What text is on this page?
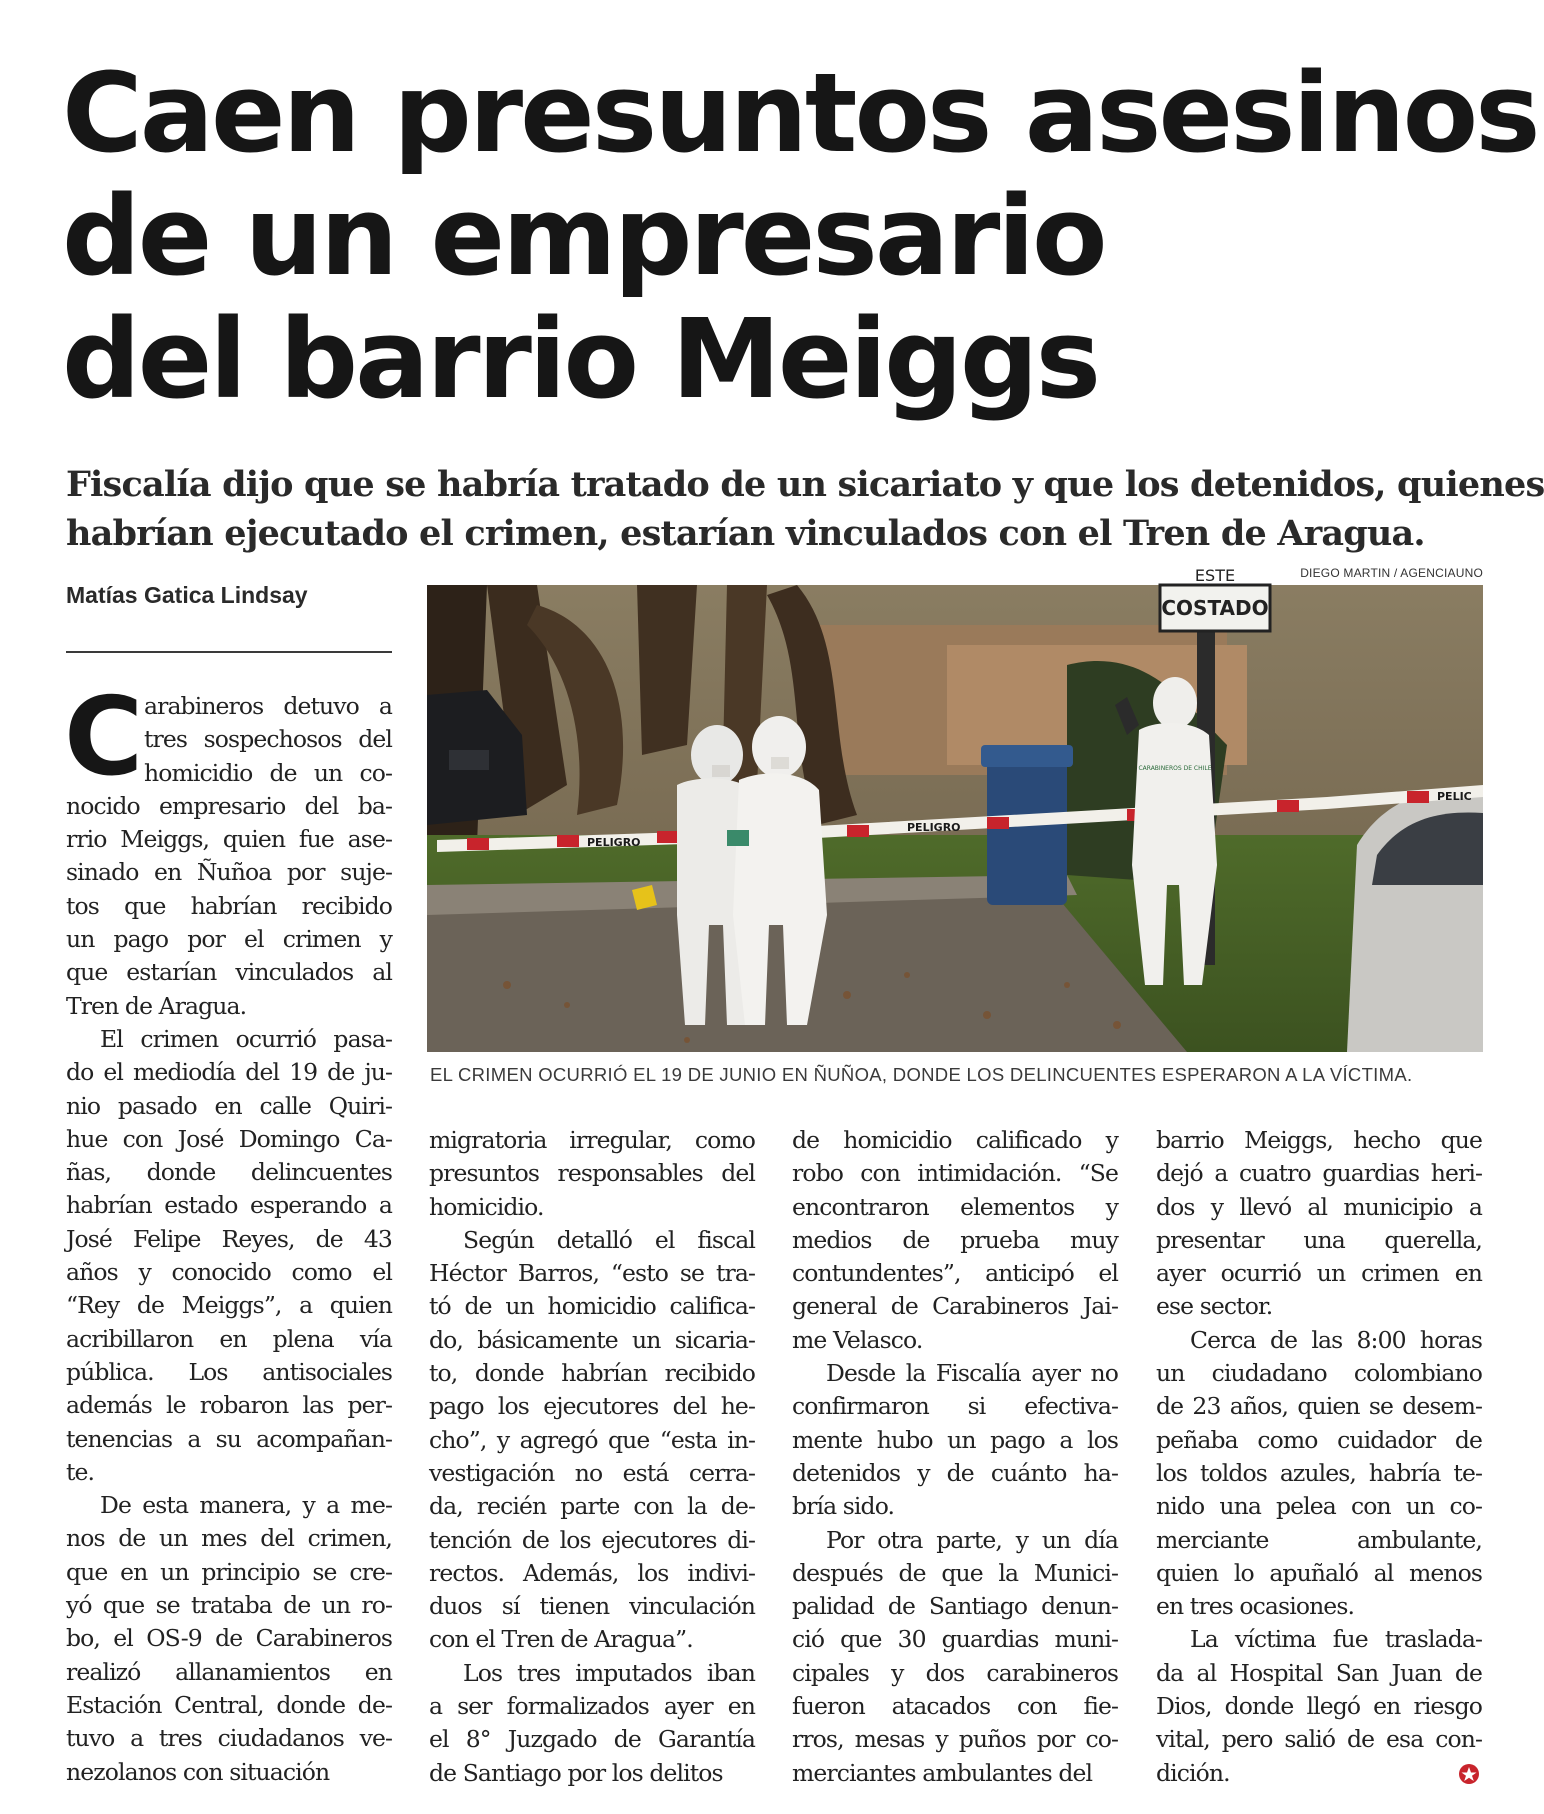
Caen presuntos asesinos
de un empresario
del barrio Meiggs
Fiscalía dijo que se habría tratado de un sicariato y que los detenidos, quienes
habrían ejecutado el crimen, estarían vinculados con el Tren de Aragua.
Matías Gatica Lindsay
DIEGO MARTIN / AGENCIAUNO
ESTE
COSTADO
PELIGRO
PELIGRO
PELIC
CARABINEROS DE CHILE
EL CRIMEN OCURRIÓ EL 19 DE JUNIO EN ÑUÑOA, DONDE LOS DELINCUENTES ESPERARON A LA VÍCTIMA.
C arabineros detuvo a
tres sospechosos del
homicidio de un co-
nocido empresario del ba-
rrio Meiggs, quien fue ase-
sinado en Ñuñoa por suje-
tos que habrían recibido
un pago por el crimen y
que estarían vinculados al
Tren de Aragua.
El crimen ocurrió pasa-
do el mediodía del 19 de ju-
nio pasado en calle Quiri-
hue con José Domingo Ca-
ñas, donde delincuentes
habrían estado esperando a
José Felipe Reyes, de 43
años y conocido como el
“Rey de Meiggs”, a quien
acribillaron en plena vía
pública. Los antisociales
además le robaron las per-
tenencias a su acompañan-
te.
De esta manera, y a me-
nos de un mes del crimen,
que en un principio se cre-
yó que se trataba de un ro-
bo, el OS-9 de Carabineros
realizó allanamientos en
Estación Central, donde de-
tuvo a tres ciudadanos ve-
nezolanos con situación
migratoria irregular, como
presuntos responsables del
homicidio.
Según detalló el fiscal
Héctor Barros, “esto se tra-
tó de un homicidio califica-
do, básicamente un sicaria-
to, donde habrían recibido
pago los ejecutores del he-
cho”, y agregó que “esta in-
vestigación no está cerra-
da, recién parte con la de-
tención de los ejecutores di-
rectos. Además, los indivi-
duos sí tienen vinculación
con el Tren de Aragua”.
Los tres imputados iban
a ser formalizados ayer en
el 8° Juzgado de Garantía
de Santiago por los delitos
de homicidio calificado y
robo con intimidación. “Se
encontraron elementos y
medios de prueba muy
contundentes”, anticipó el
general de Carabineros Jai-
me Velasco.
Desde la Fiscalía ayer no
confirmaron si efectiva-
mente hubo un pago a los
detenidos y de cuánto ha-
bría sido.
Por otra parte, y un día
después de que la Munici-
palidad de Santiago denun-
ció que 30 guardias muni-
cipales y dos carabineros
fueron atacados con fie-
rros, mesas y puños por co-
merciantes ambulantes del
barrio Meiggs, hecho que
dejó a cuatro guardias heri-
dos y llevó al municipio a
presentar una querella,
ayer ocurrió un crimen en
ese sector.
Cerca de las 8:00 horas
un ciudadano colombiano
de 23 años, quien se desem-
peñaba como cuidador de
los toldos azules, habría te-
nido una pelea con un co-
merciante ambulante,
quien lo apuñaló al menos
en tres ocasiones.
La víctima fue traslada-
da al Hospital San Juan de
Dios, donde llegó en riesgo
vital, pero salió de esa con-
dición.
